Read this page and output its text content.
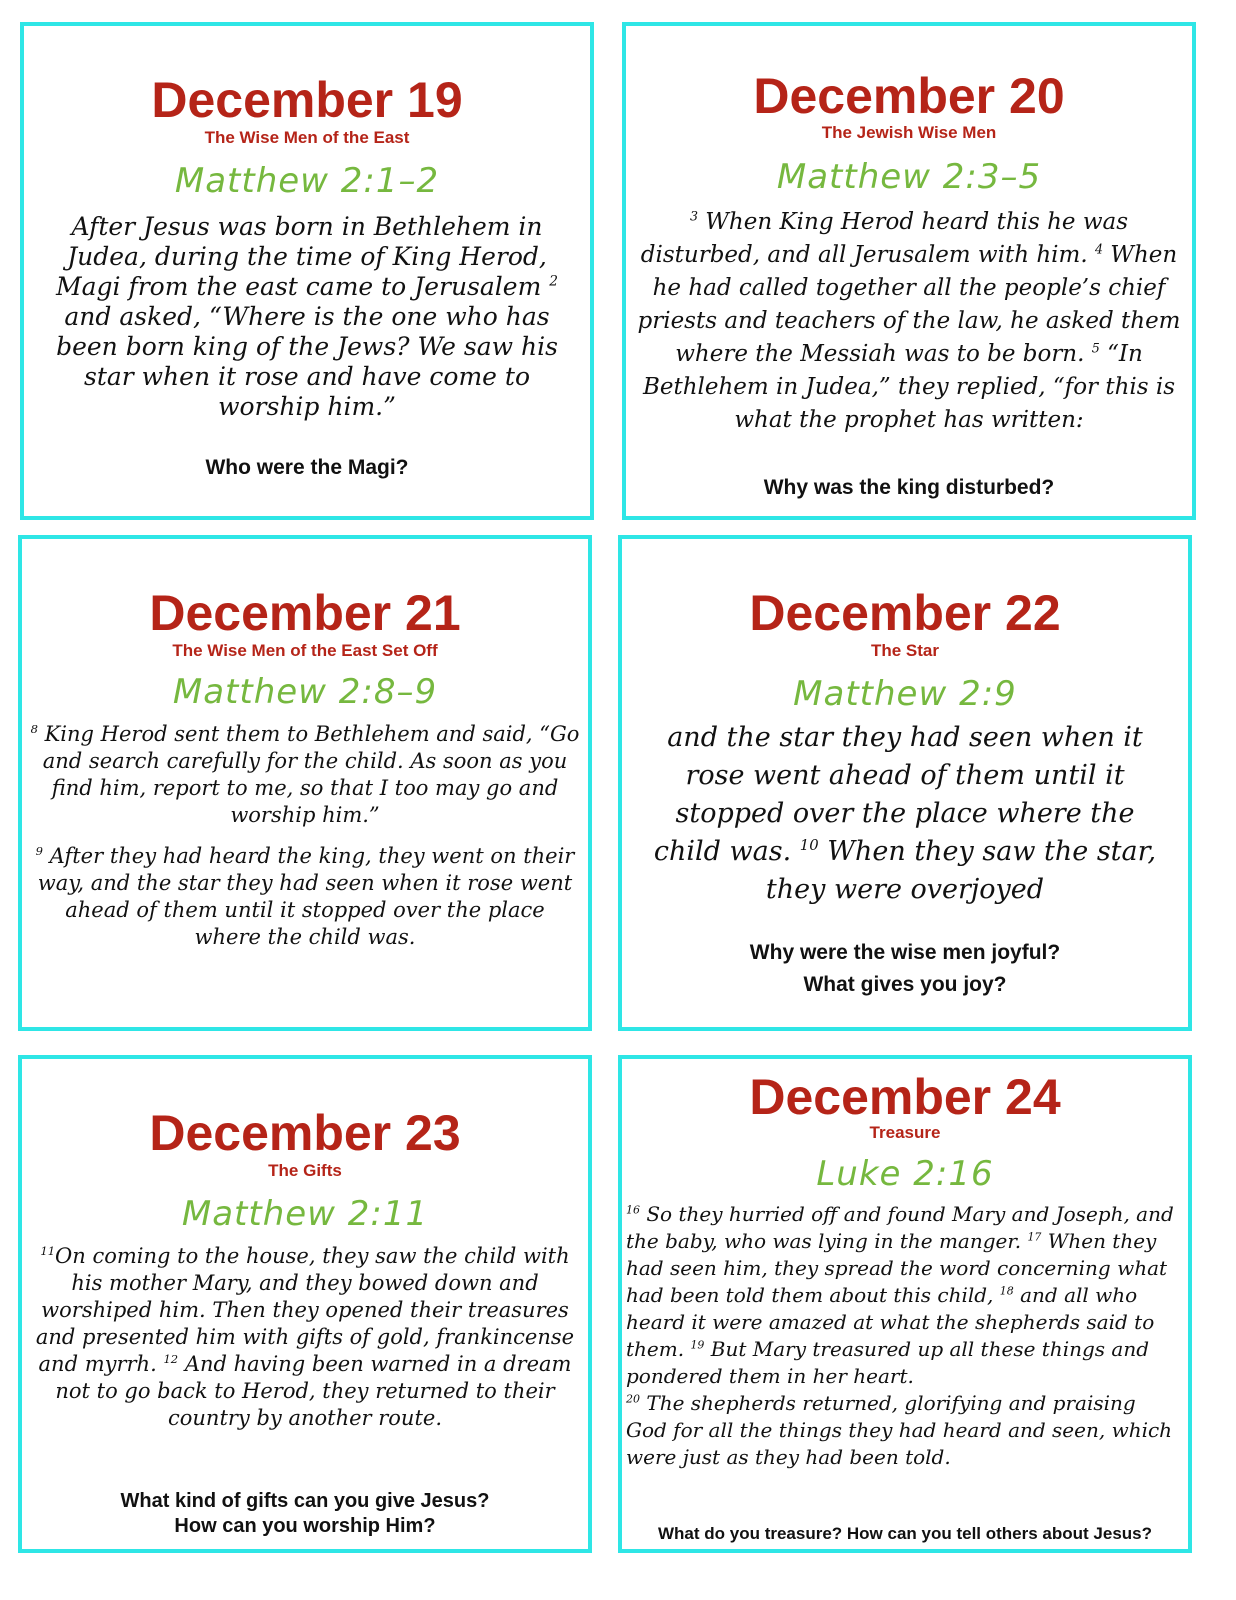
December 19
The Wise Men of the East
Matthew 2:1–2
After Jesus was born in Bethlehem in Judea, during the time of King Herod, Magi from the east came to Jerusalem $^2$ and asked, “Where is the one who has been born king of the Jews? We saw his star when it rose and have come to worship him.”
Who were the Magi?
December 20
The Jewish Wise Men
Matthew 2:3–5
$^3$ When King Herod heard this he was disturbed, and all Jerusalem with him. $^4$ When he had called together all the people’s chief priests and teachers of the law, he asked them where the Messiah was to be born. $^5$ “In Bethlehem in Judea,” they replied, “for this is what the prophet has written:
Why was the king disturbed?
December 21
The Wise Men of the East Set Off
Matthew 2:8–9

$^8$ King Herod sent them to Bethlehem and said, “Go and search carefully for the child. As soon as you find him, report to me, so that I too may go and worship him.”

$^9$ After they had heard the king, they went on their way, and the star they had seen when it rose went ahead of them until it stopped over the place where the child was.

December 22
The Star
Matthew 2:9
and the star they had seen when it rose went ahead of them until it stopped over the place where the child was. $^{10}$ When they saw the star, they were overjoyed
Why were the wise men joyful?
What gives you joy?
December 23
The Gifts
Matthew 2:11
$^{11}$On coming to the house, they saw the child with his mother Mary, and they bowed down and worshiped him. Then they opened their treasures and presented him with gifts of gold, frankincense and myrrh. $^{12}$ And having been warned in a dream not to go back to Herod, they returned to their country by another route.
What kind of gifts can you give Jesus?
How can you worship Him?
December 24
Treasure
Luke 2:16

$^{16}$ So they hurried off and found Mary and Joseph, and the baby, who was lying in the manger. $^{17}$ When they had seen him, they spread the word concerning what had been told them about this child, $^{18}$ and all who heard it were amazed at what the shepherds said to them. $^{19}$ But Mary treasured up all these things and pondered them in her heart.

$^{20}$ The shepherds returned, glorifying and praising God for all the things they had heard and seen, which were just as they had been told.

What do you treasure? How can you tell others about Jesus?
